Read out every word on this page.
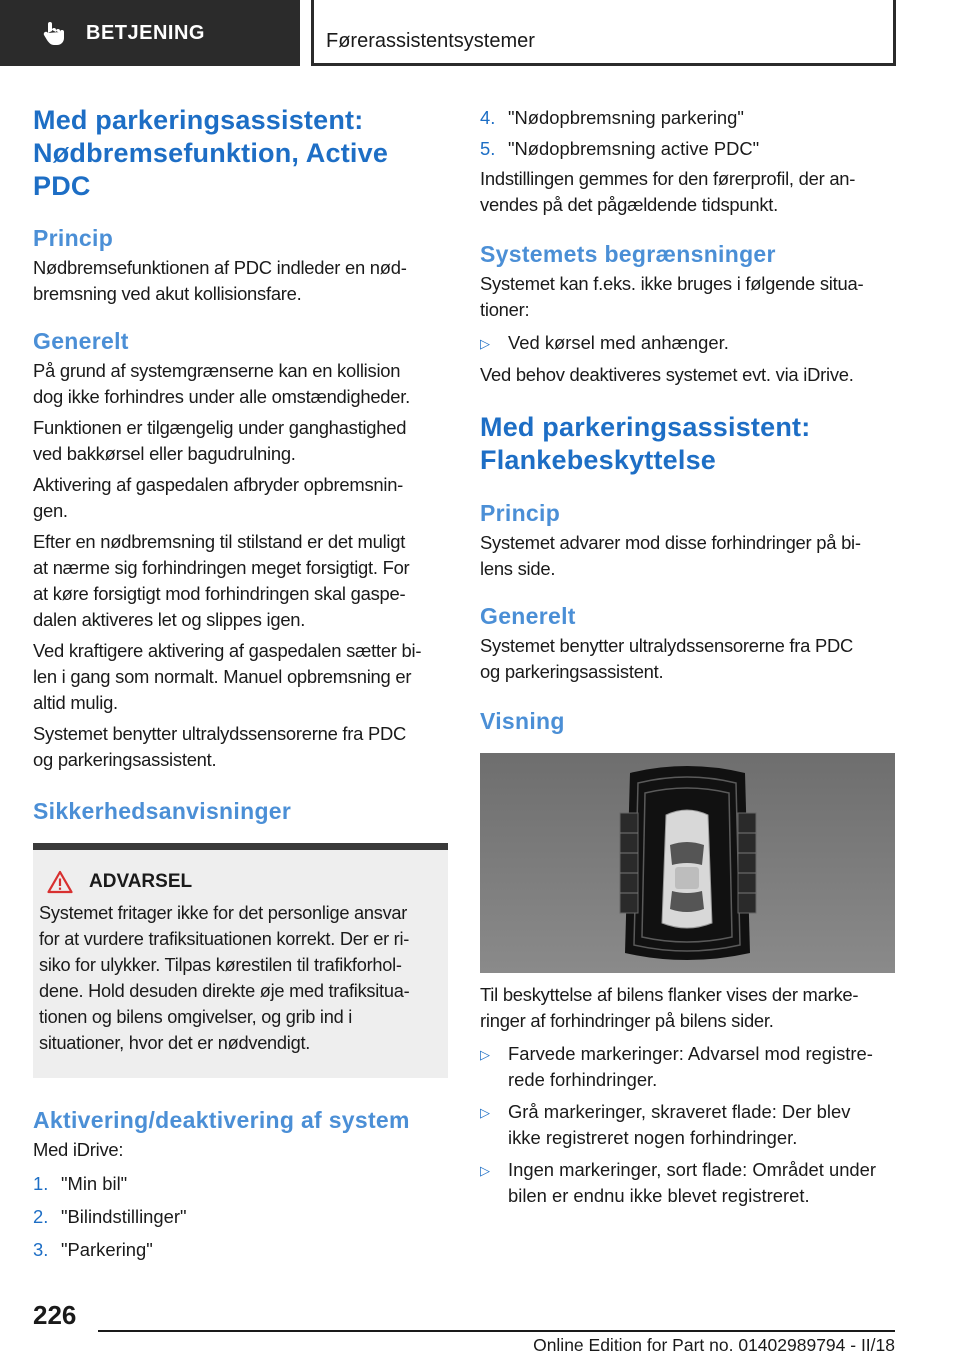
BETJENING	Førerassistentsystemer
Med parkeringsassistent:
Nødbremsefunktion, Active PDC
Princip
Nødbremsefunktionen af PDC indleder en nød-
bremsning ved akut kollisionsfare.
Generelt
På grund af systemgrænserne kan en kollision
dog ikke forhindres under alle omstændigheder.
Funktionen er tilgængelig under ganghastighed
ved bakkørsel eller bagudrulning.
Aktivering af gaspedalen afbryder opbremsnin-
gen.
Efter en nødbremsning til stilstand er det muligt
at nærme sig forhindringen meget forsigtigt. For
at køre forsigtigt mod forhindringen skal gaspe-
dalen aktiveres let og slippes igen.
Ved kraftigere aktivering af gaspedalen sætter bi-
len i gang som normalt. Manuel opbremsning er
altid mulig.
Systemet benytter ultralydssensorerne fra PDC
og parkeringsassistent.
Sikkerhedsanvisninger
ADVARSEL
Systemet fritager ikke for det personlige ansvar
for at vurdere trafiksituationen korrekt. Der er ri-
siko for ulykker. Tilpas kørestilen til trafikforhol-
dene. Hold desuden direkte øje med trafiksitua-
tionen og bilens omgivelser, og grib ind i
situationer, hvor det er nødvendigt.
Aktivering/deaktivering af system
Med iDrive:
1. "Min bil"
2. "Bilindstillinger"
3. "Parkering"
4. "Nødopbremsning parkering"
5. "Nødopbremsning active PDC"
Indstillingen gemmes for den førerprofil, der an-
vendes på det pågældende tidspunkt.
Systemets begrænsninger
Systemet kan f.eks. ikke bruges i følgende situa-
tioner:
▷ Ved kørsel med anhænger.
Ved behov deaktiveres systemet evt. via iDrive.
Med parkeringsassistent:
Flankebeskyttelse
Princip
Systemet advarer mod disse forhindringer på bi-
lens side.
Generelt
Systemet benytter ultralydssensorerne fra PDC
og parkeringsassistent.
Visning
Til beskyttelse af bilens flanker vises der marke-
ringer af forhindringer på bilens sider.
▷ Farvede markeringer: Advarsel mod registre-
rede forhindringer.
▷ Grå markeringer, skraveret flade: Der blev
ikke registreret nogen forhindringer.
▷ Ingen markeringer, sort flade: Området under
bilen er endnu ikke blevet registreret.
226
Online Edition for Part no. 01402989794 - II/18
